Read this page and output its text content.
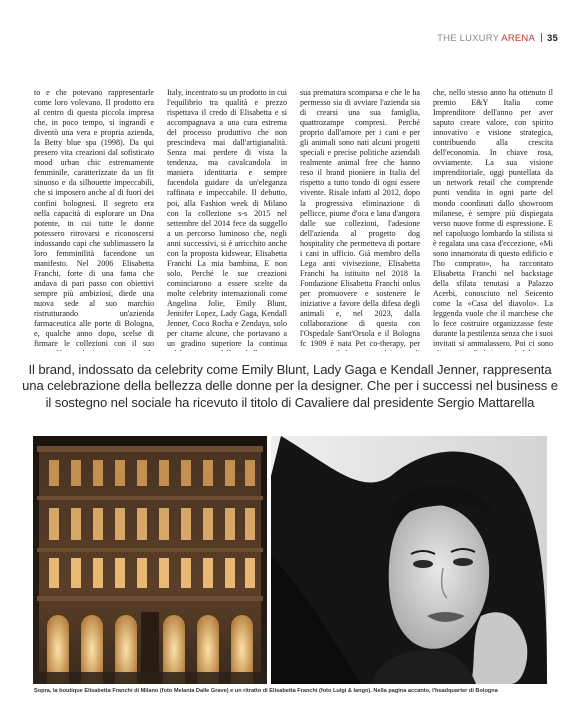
THE LUXURY ARENA 35
to e che potevano rappresentarle come loro volevano. Il prodotto era al centro di questa piccola impresa che, in poco tempo, si ingrandì e diventò una vera e propria azienda, la Betty blue spa (1998). Da qui presero vita creazioni dal sofisticato mood urban chic estremamente femminile, caratterizzate da un fit sinuoso e da silhouette impeccabili, che si imposero anche al di fuori dei confini bolognesi. Il segreto era nella capacità di esplorare un Dna potente, in cui tutte le donne potessero ritrovarsi e riconoscersi indossando capi che sublimassero la loro femminilità facendone un manifesto. Nel 2006 Elisabetta Franchi, forte di una fama che andava di pari passo con obiettivi sempre più ambiziosi, diede una nuova sede al suo marchio ristrutturando un'azienda farmaceutica alle porte di Bologna, e, qualche anno dopo, scelse di firmare le collezioni con il suo
Italy, incentrato su un prodotto in cui l'equilibrio tra qualità e prezzo rispettava il credo di Elisabetta e si accompagnava a una cura estrema del processo produttivo che non prescindeva mai dall'artigianalità. Senza mai perdere di vista la tendenza, ma cavalcandola in maniera identitaria e sempre facendola guidare da un'eleganza raffinata e impeccabile. Il debutto, poi, alla Fashion week di Milano con la collezione s-s 2015 nel settembre del 2014 fece da suggello a un percorso luminoso che, negli anni successivi, si è arricchito anche con la proposta kidswear, Elisabetta Franchi La mia bambina, E non solo. Perché le sue creazioni cominciarono a essere scelte da molte celebrity internazionali come Angelina Jolie, Emily Blunt, Jennifer Lopez, Lady Gaga, Kendall Jenner, Coco Rocha e Zendaya, solo per citarne alcune, che portavano a un gradino superiore la continua
sua prematura scomparsa e che le ha permesso sia di avviare l'azienda sia di crearsi una sua famiglia, quattrozampe compresi. Perché proprio dall'amore per i cani e per gli animali sono nati alcuni progetti speciali e precise politiche aziendali realmente animal free che hanno reso il brand pioniere in Italia del rispetto a tutto tondo di ogni essere vivente. Risale infatti al 2012, dopo la progressiva eliminazione di pellicce, piume d'oca e lana d'angora dalle sue collezioni, l'adesione dell'azienda al progetto dog hospitality che permetteva di portare i cani in ufficio. Già membro della Lega anti vivisezione, Elisabetta Franchi ha istituito nel 2018 la Fondazione Elisabetta Franchi onlus per promuovere e sostenere le iniziative a favore della difesa degli animali e, nel 2023, dalla collaborazione di questa con l'Ospedale Sant'Orsola e il Bologna fc 1909 è nata Pet co-therapy, per
che, nello stesso anno ha ottenuto il premio E&Y Italia come Imprenditore dell'anno per aver saputo creare valore, con spirito innovativo e visione strategica, contribuendo alla crescita dell'economia. In chiave rosa, ovviamente. La sua visione imprenditoriale, oggi puntellata da un network retail che comprende punti vendita in ogni parte del mondo coordinati dallo showroom milanese, è sempre più dispiegata verso nuove forme di espressione. E nel capoluogo lombardo la stilista si è regalata una casa d'eccezione, «Mi sono innamorata di questo edificio e l'ho comprato», ha raccontato Elisabetta Franchi nel backstage della sfilata tenutasi a Palazzo Acerbi, conosciuto nel Seicento come la «Casa del diavolo». La leggenda vuole che il marchese che lo fece costruire organizzasse feste durante la pestilenza senza che i suoi invitati si ammalassero. Poi ci sono
Il brand, indossato da celebrity come Emily Blunt, Lady Gaga e Kendall Jenner, rappresenta una celebrazione della bellezza delle donne per la designer. Che per i successi nel business e il sostegno nel sociale ha ricevuto il titolo di Cavaliere dal presidente Sergio Mattarella
Sopra, la boutique Elisabetta Franchi di Milano (foto Melania Dalle Grave) e un ritratto di Elisabetta Franchi (foto Luigi & Iango). Nella pagina accanto, l'headquarter di Bologna
